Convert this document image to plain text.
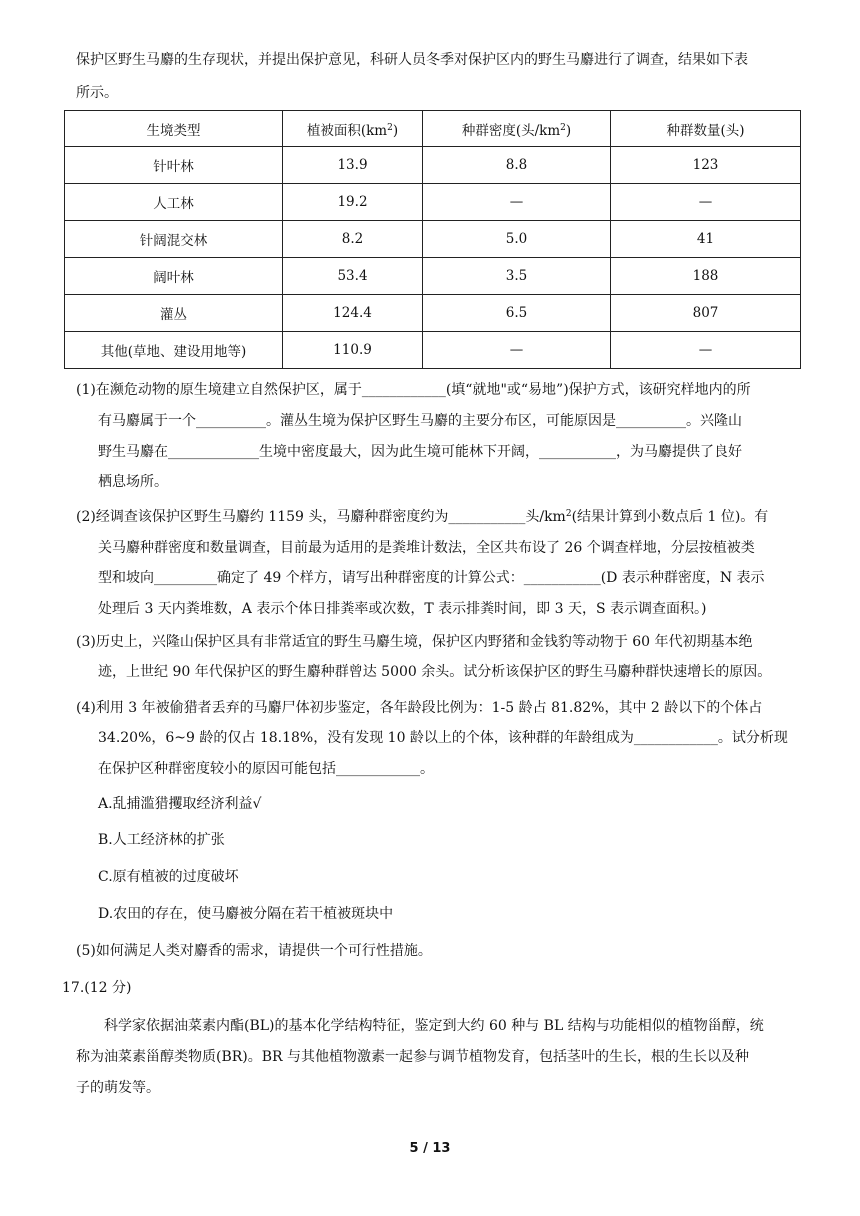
保护区野生马麝的生存现状，并提出保护意见，科研人员冬季对保护区内的野生马麝进行了调查，结果如下表
所示。
生境类型	植被面积$(km^2)$	种群密度(头$/km^2$)	种群数量(头)
针叶林	13.9	8.8	123
人工林	19.2	—	—
针阔混交林	8.2	5.0	41
阔叶林	53.4	3.5	188
灌丛	124.4	6.5	807
其他(草地、建设用地等)	110.9	—	—
(1)在濒危动物的原生境建立自然保护区，属于____________(填“就地"或“易地”)保护方式，该研究样地内的所
有马麝属于一个__________。灌丛生境为保护区野生马麝的主要分布区，可能原因是__________。兴隆山
野生马麝在_____________生境中密度最大，因为此生境可能林下开阔，___________，为马麝提供了良好
栖息场所。
(2)经调查该保护区野生马麝约 1159 头，马麝种群密度约为___________头$/km^2$(结果计算到小数点后 1 位)。有
关马麝种群密度和数量调查，目前最为适用的是粪堆计数法，全区共布设了 26 个调查样地，分层按植被类
型和坡向_________确定了 49 个样方，请写出种群密度的计算公式：___________(D 表示种群密度，N 表示
处理后 3 天内粪堆数，A 表示个体日排粪率或次数，T 表示排粪时间，即 3 天，S 表示调查面积。)
(3)历史上，兴隆山保护区具有非常适宜的野生马麝生境，保护区内野猪和金钱豹等动物于 60 年代初期基本绝
迹，上世纪 90 年代保护区的野生麝种群曾达 5000 余头。试分析该保护区的野生马麝种群快速增长的原因。
(4)利用 3 年被偷猎者丢弃的马麝尸体初步鉴定，各年龄段比例为：1-5 龄占 81.82%，其中 2 龄以下的个体占
34.20%，6~9 龄的仅占 18.18%，没有发现 10 龄以上的个体，该种群的年龄组成为____________。试分析现
在保护区种群密度较小的原因可能包括____________。
A.乱捕滥猎攫取经济利益√
B.人工经济林的扩张
C.原有植被的过度破坏
D.农田的存在，使马麝被分隔在若干植被斑块中
(5)如何满足人类对麝香的需求，请提供一个可行性措施。
17.(12 分)
科学家依据油菜素内酯(BL)的基本化学结构特征，鉴定到大约 60 种与 BL 结构与功能相似的植物甾醇，统
称为油菜素甾醇类物质(BR)。BR 与其他植物激素一起参与调节植物发育，包括茎叶的生长，根的生长以及种
子的萌发等。
5 / 13
